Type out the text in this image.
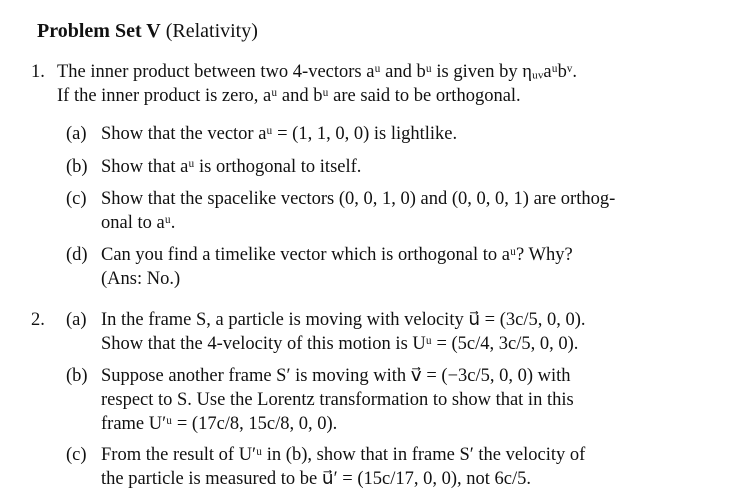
Problem Set V (Relativity)
1. The inner product between two 4-vectors aᵘ and bᵘ is given by ηᵤᵥaᵘbᵛ.
If the inner product is zero, aᵘ and bᵘ are said to be orthogonal.
(a) Show that the vector aᵘ = (1, 1, 0, 0) is lightlike.
(b) Show that aᵘ is orthogonal to itself.
(c) Show that the spacelike vectors (0, 0, 1, 0) and (0, 0, 0, 1) are orthog-
onal to aᵘ.
(d) Can you find a timelike vector which is orthogonal to aᵘ? Why?
(Ans: No.)
2. (a) In the frame S, a particle is moving with velocity u⃗ = (3c/5, 0, 0).
Show that the 4-velocity of this motion is Uᵘ = (5c/4, 3c/5, 0, 0).
(b) Suppose another frame S′ is moving with v⃗ = (−3c/5, 0, 0) with
respect to S. Use the Lorentz transformation to show that in this
frame U′ᵘ = (17c/8, 15c/8, 0, 0).
(c) From the result of U′ᵘ in (b), show that in frame S′ the velocity of
the particle is measured to be u⃗′ = (15c/17, 0, 0), not 6c/5.
